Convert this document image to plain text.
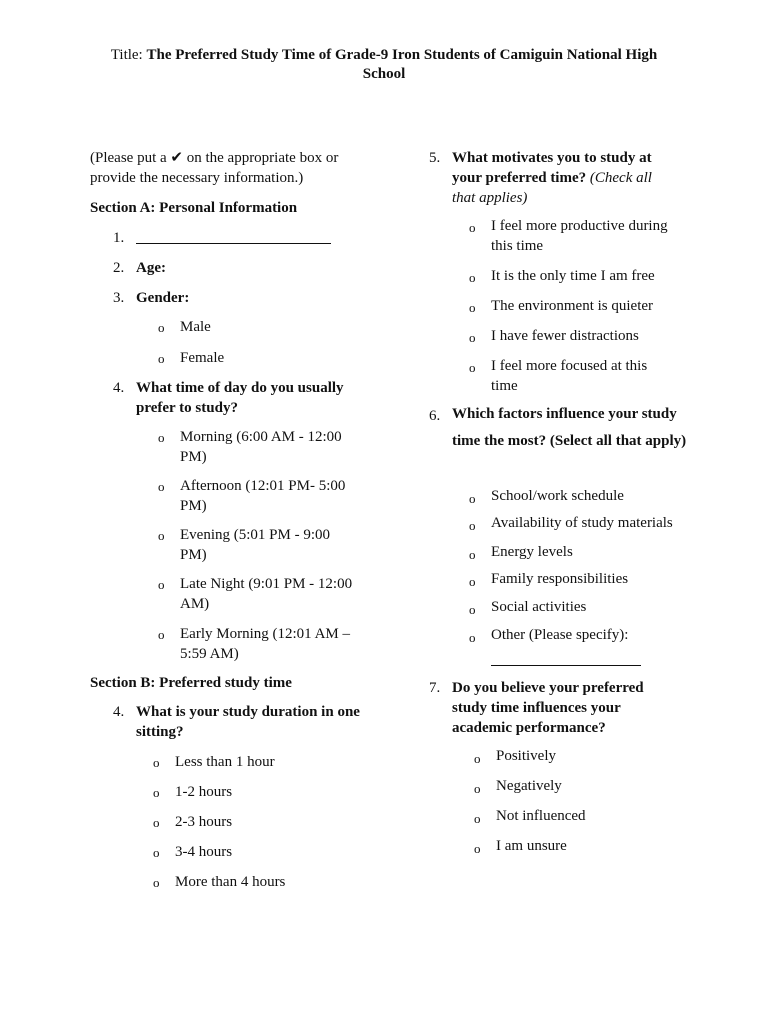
Title: The Preferred Study Time of Grade-9 Iron Students of Camiguin National High School
(Please put a ✔ on the appropriate box or provide the necessary information.)
Section A: Personal Information
1.
2. Age:
3. Gender:
o Male
o Female
4. What time of day do you usually prefer to study?
o Morning (6:00 AM - 12:00 PM)
o Afternoon (12:01 PM- 5:00 PM)
o Evening (5:01 PM - 9:00 PM)
o Late Night (9:01 PM - 12:00 AM)
o Early Morning (12:01 AM – 5:59 AM)
Section B: Preferred study time
4. What is your study duration in one sitting?
o Less than 1 hour
o 1-2 hours
o 2-3 hours
o 3-4 hours
o More than 4 hours
5. What motivates you to study at your preferred time? (Check all that applies)
o I feel more productive during this time
o It is the only time I am free
o The environment is quieter
o I have fewer distractions
o I feel more focused at this time
6. Which factors influence your study time the most? (Select all that apply)
o School/work schedule
o Availability of study materials
o Energy levels
o Family responsibilities
o Social activities
o Other (Please specify):
7. Do you believe your preferred study time influences your academic performance?
o Positively
o Negatively
o Not influenced
o I am unsure
